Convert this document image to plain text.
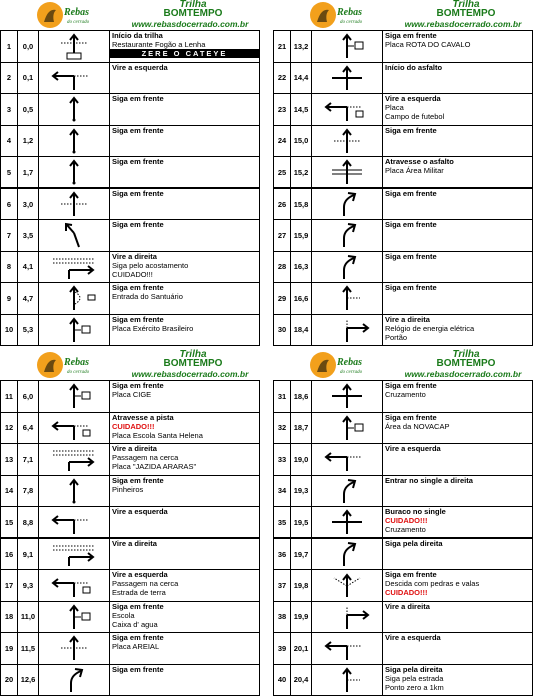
Rebas
do cerrado
Trilha
BOMTEMPO
www.rebasdocerrado.com.br
1	0,0		Início da trilha
Restaurante Fogão a Lenha
ZERE O CATEYE

2	0,1		Vire a esquerda

3	0,5		Siga em frente

4	1,2		Siga em frente

5	1,7		Siga em frente

6	3,0		Siga em frente

7	3,5		Siga em frente

8	4,1		Vire a direita
Siga pelo acostamento
CUIDADO!!!

9	4,7		Siga em frente
Entrada do Santuário

10	5,3		Siga em frente
Placa Exército Brasileiro
Rebas
do cerrado
Trilha
BOMTEMPO
www.rebasdocerrado.com.br
21	13,2		Siga em frente
Placa ROTA DO CAVALO

22	14,4		Início do asfalto

23	14,5		Vire a esquerda
Placa
Campo de futebol

24	15,0		Siga em frente

25	15,2		Atravesse o asfalto
Placa Área Militar

26	15,8		Siga em frente

27	15,9		Siga em frente

28	16,3		Siga em frente

29	16,6		Siga em frente

30	18,4		Vire a direita
Relógio de energia elétrica
Portão
Rebas
do cerrado
Trilha
BOMTEMPO
www.rebasdocerrado.com.br
11	6,0		Siga em frente
Placa CIGE

12	6,4		Atravesse a pista
CUIDADO!!!
Placa Escola Santa Helena

13	7,1		Vire a direita
Passagem na cerca
Placa "JAZIDA ARARAS"

14	7,8		Siga em frente
Pinheiros

15	8,8		Vire a esquerda

16	9,1		Vire a direita

17	9,3		Vire a esquerda
Passagem na cerca
Estrada de terra

18	11,0		Siga em frente
Escola
Caixa d' agua

19	11,5		Siga em frente
Placa AREIAL

20	12,6		Siga em frente
Rebas
do cerrado
Trilha
BOMTEMPO
www.rebasdocerrado.com.br
31	18,6		Siga em frente
Cruzamento

32	18,7		Siga em frente
Área da NOVACAP

33	19,0		Vire a esquerda

34	19,3		Entrar no single a direita

35	19,5		Buraco no single
CUIDADO!!!
Cruzamento

36	19,7		Siga pela direita

37	19,8		Siga em frente
Descida com pedras e valas
CUIDADO!!!

38	19,9		Vire a direita

39	20,1		Vire a esquerda

40	20,4		Siga pela direita
Siga pela estrada
Ponto zero a 1km
